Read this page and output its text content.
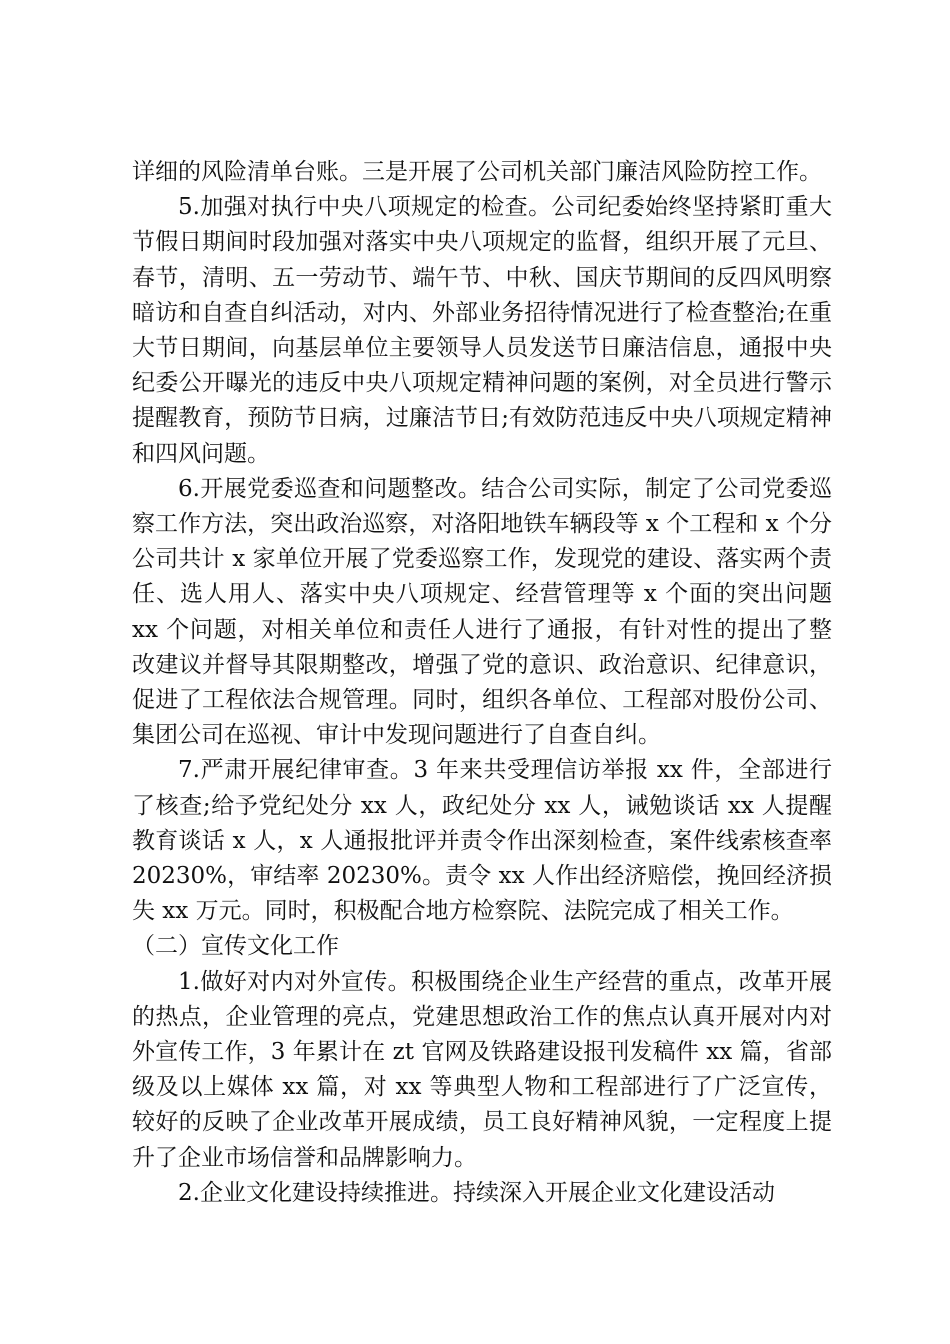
详细的风险清单台账。三是开展了公司机关部门廉洁风险防控工作。

5.加强对执行中央八项规定的检查。公司纪委始终坚持紧盯重大节假日期间时段加强对落实中央八项规定的监督，组织开展了元旦、春节，清明、五一劳动节、端午节、中秋、国庆节期间的反四风明察暗访和自查自纠活动，对内、外部业务招待情况进行了检查整治;在重大节日期间，向基层单位主要领导人员发送节日廉洁信息，通报中央纪委公开曝光的违反中央八项规定精神问题的案例，对全员进行警示提醒教育，预防节日病，过廉洁节日;有效防范违反中央八项规定精神和四风问题。

6.开展党委巡查和问题整改。结合公司实际，制定了公司党委巡察工作方法，突出政治巡察，对洛阳地铁车辆段等 x 个工程和 x 个分公司共计 x 家单位开展了党委巡察工作，发现党的建设、落实两个责任、选人用人、落实中央八项规定、经营管理等 x 个面的突出问题 xx 个问题，对相关单位和责任人进行了通报，有针对性的提出了整改建议并督导其限期整改，增强了党的意识、政治意识、纪律意识，促进了工程依法合规管理。同时，组织各单位、工程部对股份公司、集团公司在巡视、审计中发现问题进行了自查自纠。

7.严肃开展纪律审查。3 年来共受理信访举报 xx 件，全部进行了核查;给予党纪处分 xx 人，政纪处分 xx 人，诫勉谈话 xx 人提醒教育谈话 x 人，x 人通报批评并责令作出深刻检查，案件线索核查率 20230%，审结率 20230%。责令 xx 人作出经济赔偿，挽回经济损失 xx 万元。同时，积极配合地方检察院、法院完成了相关工作。

（二）宣传文化工作

1.做好对内对外宣传。积极围绕企业生产经营的重点，改革开展的热点，企业管理的亮点，党建思想政治工作的焦点认真开展对内对外宣传工作，3 年累计在 zt 官网及铁路建设报刊发稿件 xx 篇，省部级及以上媒体 xx 篇，对 xx 等典型人物和工程部进行了广泛宣传，较好的反映了企业改革开展成绩，员工良好精神风貌，一定程度上提升了企业市场信誉和品牌影响力。

2.企业文化建设持续推进。持续深入开展企业文化建设活动
